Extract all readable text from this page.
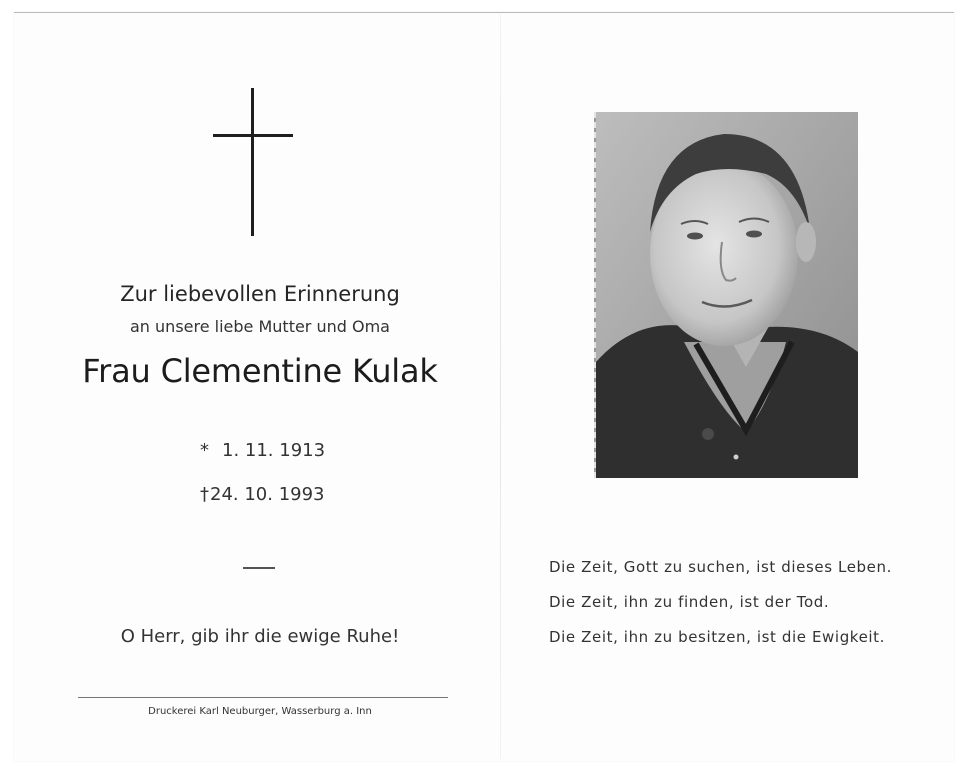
Zur liebevollen Erinnerung
an unsere liebe Mutter und Oma
Frau Clementine Kulak
* 1. 11. 1913
†24. 10. 1993
O Herr, gib ihr die ewige Ruhe!
Druckerei Karl Neuburger, Wasserburg a. Inn
Die Zeit, Gott zu suchen, ist dieses Leben.
Die Zeit, ihn zu finden, ist der Tod.
Die Zeit, ihn zu besitzen, ist die Ewigkeit.
